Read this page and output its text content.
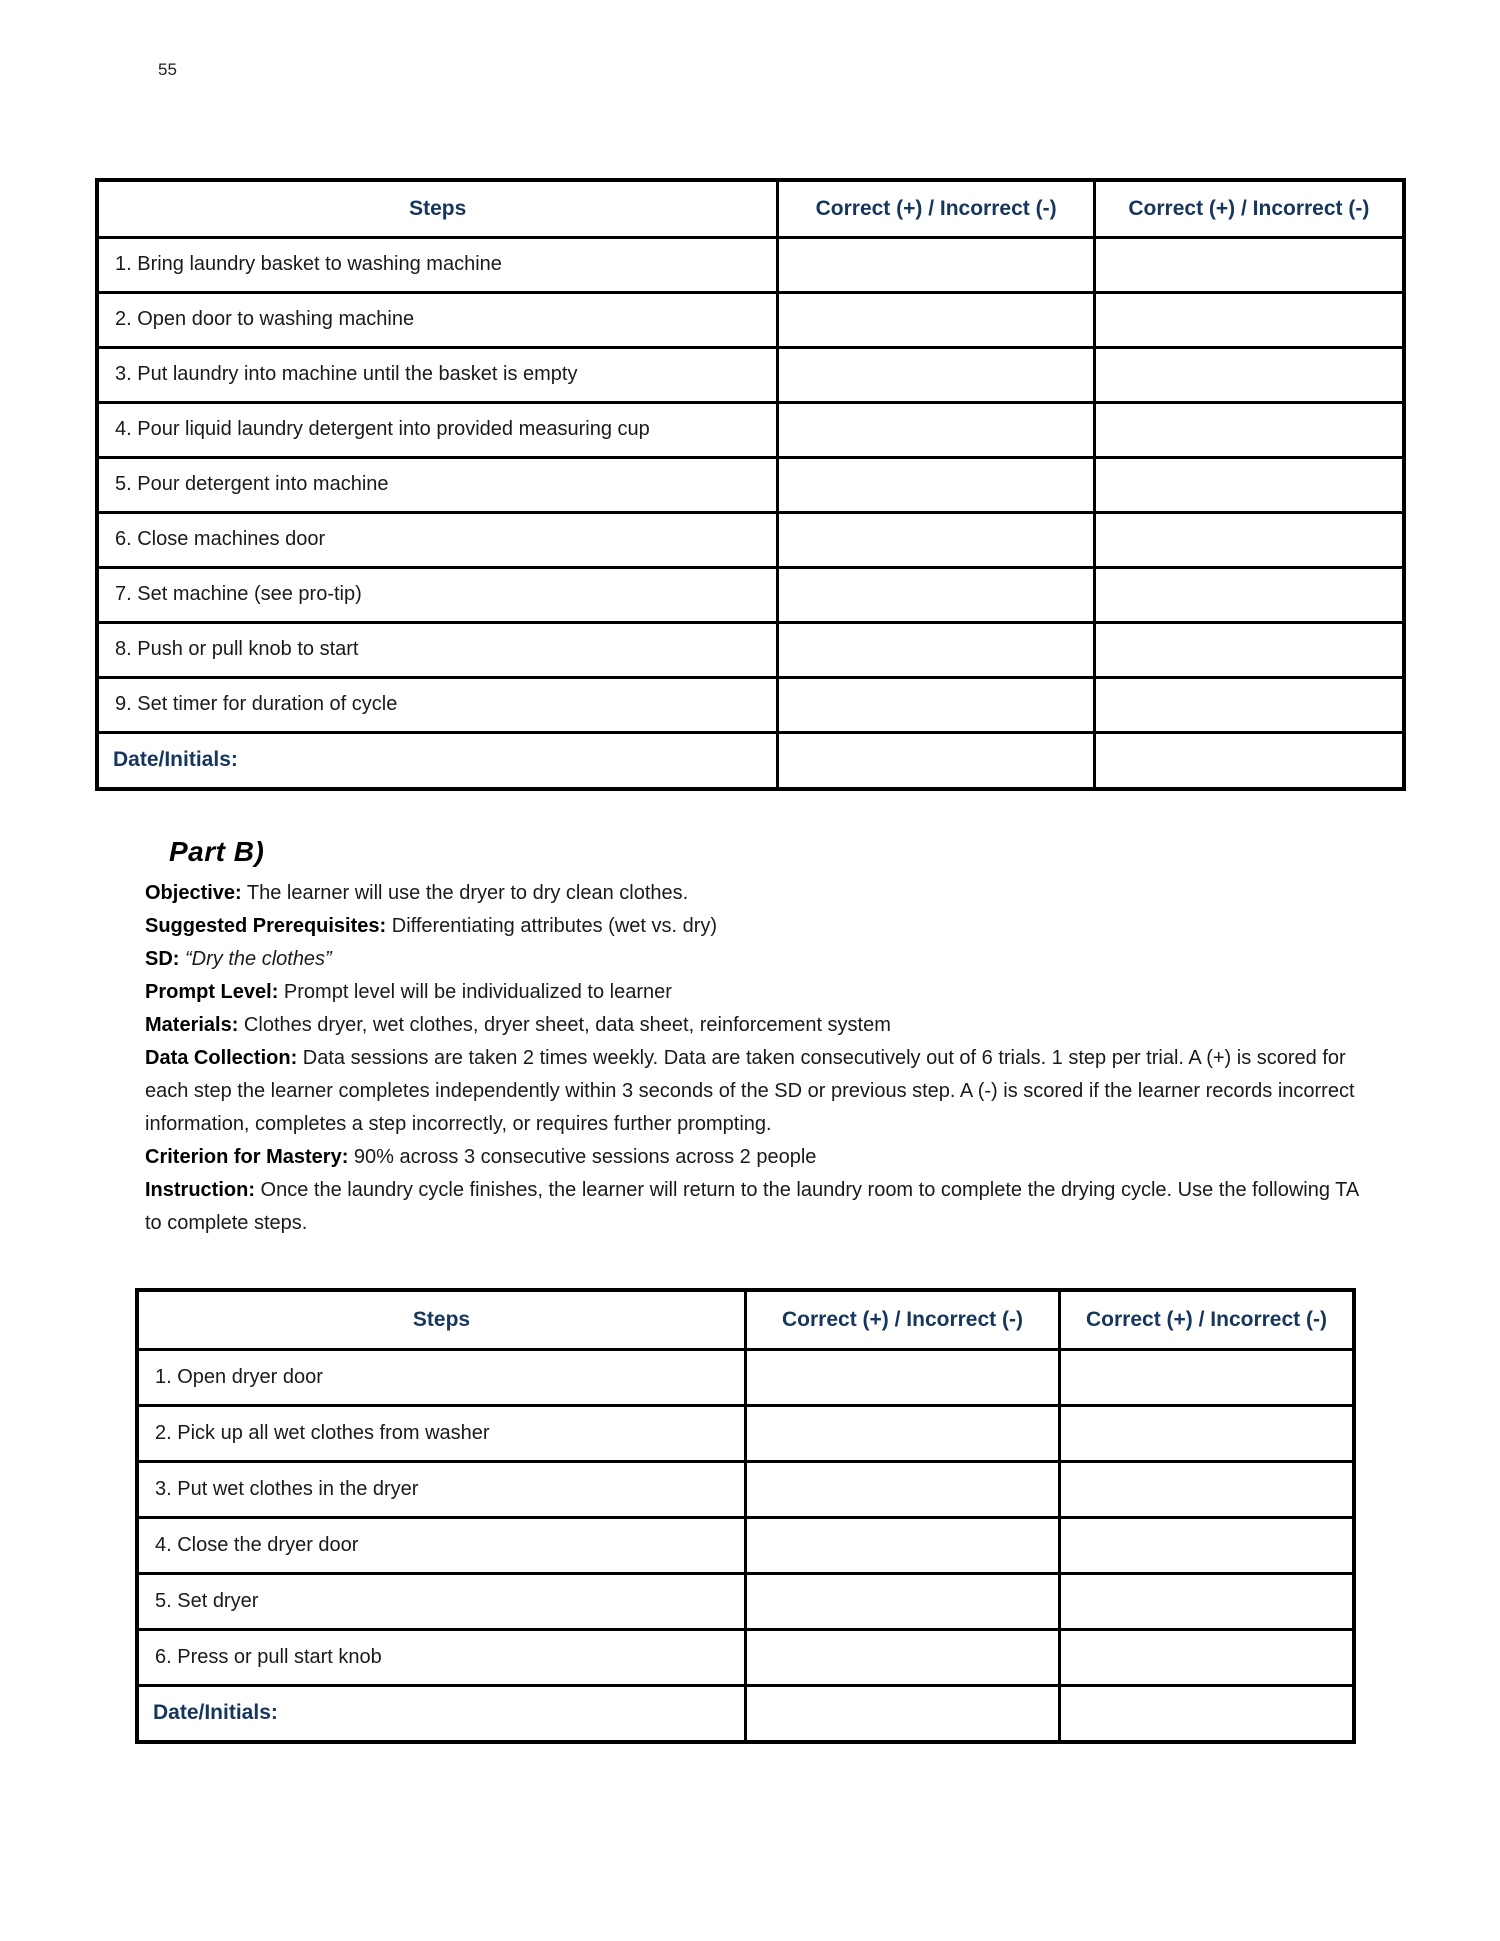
55
Steps	Correct (+) / Incorrect (-)	Correct (+) / Incorrect (-)
1. Bring laundry basket to washing machine		
2. Open door to washing machine		
3. Put laundry into machine until the basket is empty		
4. Pour liquid laundry detergent into provided measuring cup		
5. Pour detergent into machine		
6. Close machines door		
7. Set machine (see pro-tip)		
8. Push or pull knob to start		
9. Set timer for duration of cycle		
Date/Initials:		
Part B)
Objective: The learner will use the dryer to dry clean clothes.
Suggested Prerequisites: Differentiating attributes (wet vs. dry)
SD: “Dry the clothes”
Prompt Level: Prompt level will be individualized to learner
Materials: Clothes dryer, wet clothes, dryer sheet, data sheet, reinforcement system
Data Collection: Data sessions are taken 2 times weekly. Data are taken consecutively out of 6 trials. 1 step per trial. A (+) is scored for each step the learner completes independently within 3 seconds of the SD or previous step. A (-) is scored if the learner records incorrect information, completes a step incorrectly, or requires further prompting.
Criterion for Mastery: 90% across 3 consecutive sessions across 2 people
Instruction: Once the laundry cycle finishes, the learner will return to the laundry room to complete the drying cycle. Use the following TA to complete steps.
Steps	Correct (+) / Incorrect (-)	Correct (+) / Incorrect (-)
1. Open dryer door		
2. Pick up all wet clothes from washer		
3. Put wet clothes in the dryer		
4. Close the dryer door		
5. Set dryer		
6. Press or pull start knob		
Date/Initials:		
